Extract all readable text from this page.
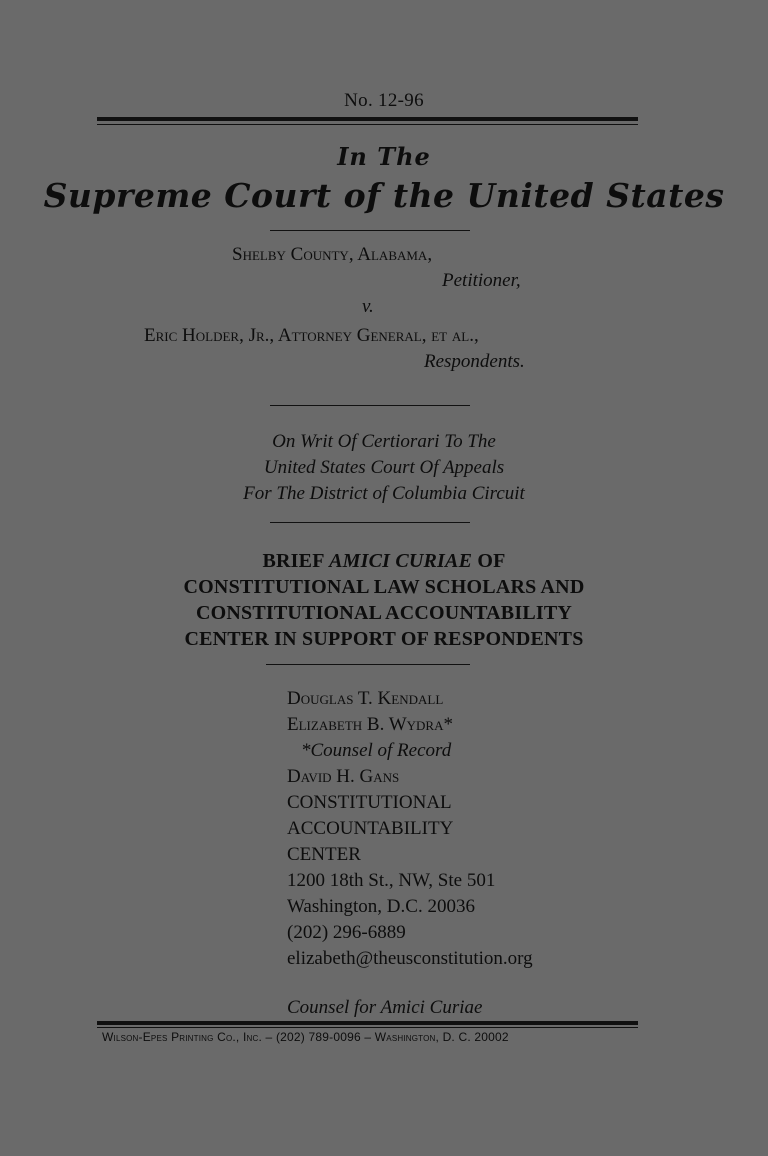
No. 12-96
In The
Supreme Court of the United States
Shelby County, Alabama,
Petitioner,
v.
Eric Holder, Jr., Attorney General, et al.,
Respondents.
On Writ Of Certiorari To The
United States Court Of Appeals
For The District of Columbia Circuit
BRIEF AMICI CURIAE OF
CONSTITUTIONAL LAW SCHOLARS AND
CONSTITUTIONAL ACCOUNTABILITY
CENTER IN SUPPORT OF RESPONDENTS
Douglas T. Kendall
Elizabeth B. Wydra*
*Counsel of Record
David H. Gans
CONSTITUTIONAL
ACCOUNTABILITY
CENTER
1200 18th St., NW, Ste 501
Washington, D.C. 20036
(202) 296-6889
elizabeth@theusconstitution.org
Counsel for Amici Curiae
Wilson-Epes Printing Co., Inc. – (202) 789-0096 – Washington, D. C. 20002
